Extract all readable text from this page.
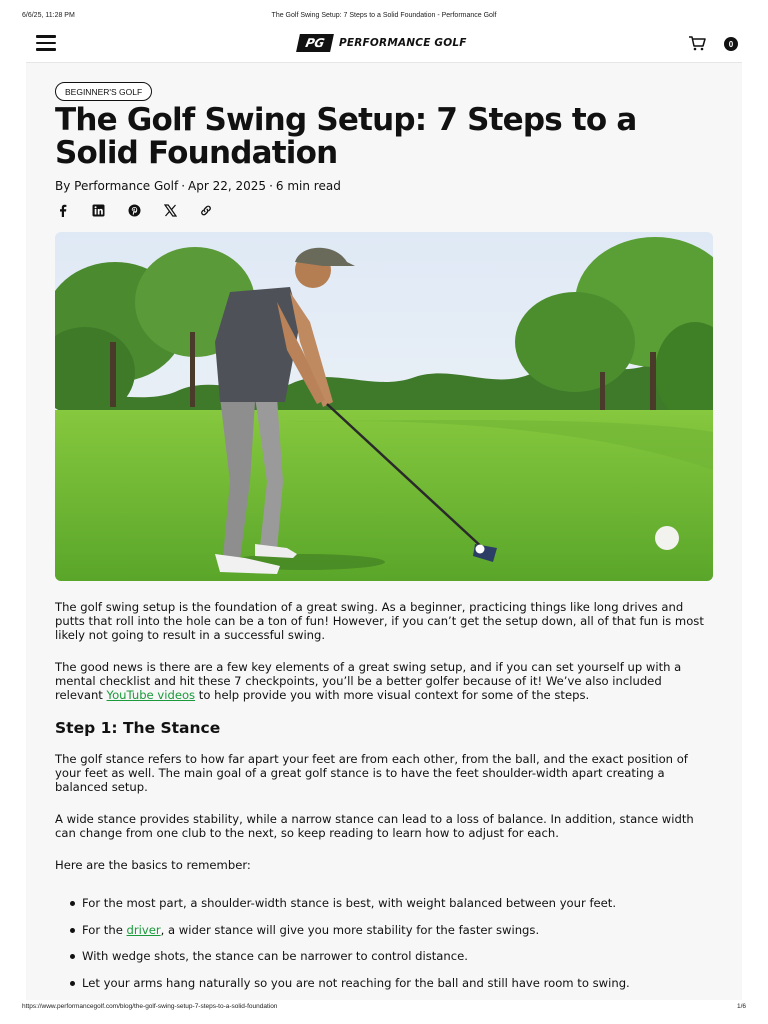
6/6/25, 11:28 PM	The Golf Swing Setup: 7 Steps to a Solid Foundation - Performance Golf
PG	PERFORMANCE GOLF	0
BEGINNER'S GOLF
The Golf Swing Setup: 7 Steps to a Solid Foundation
By Performance Golf · Apr 22, 2025 · 6 min read

The golf swing setup is the foundation of a great swing. As a beginner, practicing things like long drives and putts that roll into the hole can be a ton of fun! However, if you can’t get the setup down, all of that fun is most likely not going to result in a successful swing.

The good news is there are a few key elements of a great swing setup, and if you can set yourself up with a mental checklist and hit these 7 checkpoints, you’ll be a better golfer because of it! We’ve also included relevant YouTube videos to help provide you with more visual context for some of the steps.

Step 1: The Stance

The golf stance refers to how far apart your feet are from each other, from the ball, and the exact position of your feet as well. The main goal of a great golf stance is to have the feet shoulder-width apart creating a balanced setup.

A wide stance provides stability, while a narrow stance can lead to a loss of balance. In addition, stance width can change from one club to the next, so keep reading to learn how to adjust for each.

Here are the basics to remember:

For the most part, a shoulder-width stance is best, with weight balanced between your feet.
For the driver, a wider stance will give you more stability for the faster swings.
With wedge shots, the stance can be narrower to control distance.
Let your arms hang naturally so you are not reaching for the ball and still have room to swing.
https://www.performancegolf.com/blog/the-golf-swing-setup-7-steps-to-a-solid-foundation	1/6
